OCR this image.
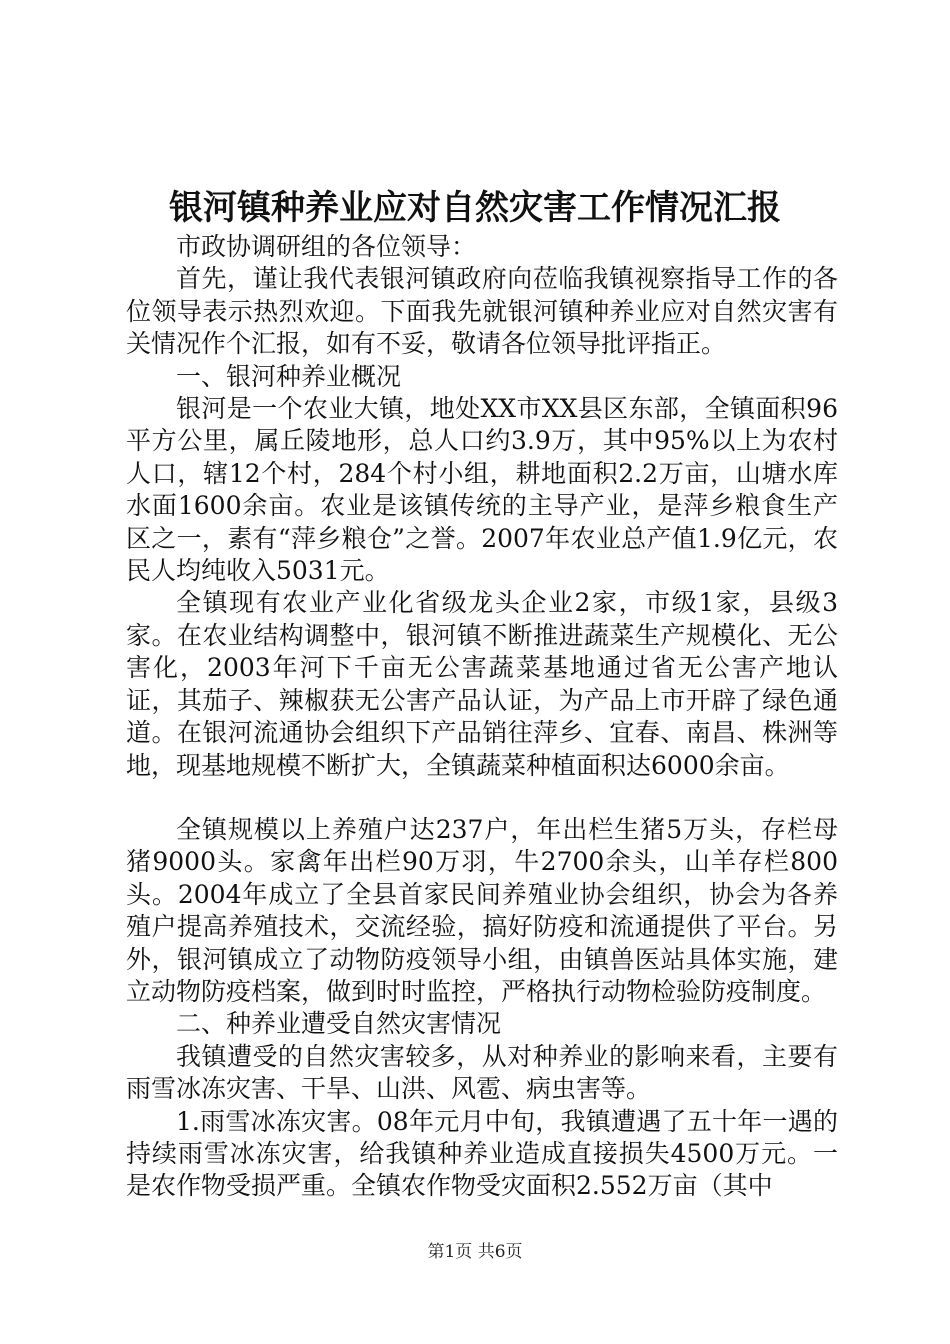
银河镇种养业应对自然灾害工作情况汇报

市政协调研组的各位领导：

首先，谨让我代表银河镇政府向莅临我镇视察指导工作的各位领导表示热烈欢迎。下面我先就银河镇种养业应对自然灾害有关情况作个汇报，如有不妥，敬请各位领导批评指正。

一、银河种养业概况

银河是一个农业大镇，地处XX市XX县区东部，全镇面积96平方公里，属丘陵地形，总人口约3.9万，其中95%以上为农村人口，辖12个村，284个村小组，耕地面积2.2万亩，山塘水库水面1600余亩。农业是该镇传统的主导产业，是萍乡粮食生产区之一，素有“萍乡粮仓”之誉。2007年农业总产值1.9亿元，农民人均纯收入5031元。

全镇现有农业产业化省级龙头企业2家，市级1家，县级3家。在农业结构调整中，银河镇不断推进蔬菜生产规模化、无公害化，2003年河下千亩无公害蔬菜基地通过省无公害产地认证，其茄子、辣椒获无公害产品认证，为产品上市开辟了绿色通道。在银河流通协会组织下产品销往萍乡、宜春、南昌、株洲等地，现基地规模不断扩大，全镇蔬菜种植面积达6000余亩。

全镇规模以上养殖户达237户，年出栏生猪5万头，存栏母猪9000头。家禽年出栏90万羽，牛2700余头，山羊存栏800头。2004年成立了全县首家民间养殖业协会组织，协会为各养殖户提高养殖技术，交流经验，搞好防疫和流通提供了平台。另外，银河镇成立了动物防疫领导小组，由镇兽医站具体实施，建立动物防疫档案，做到时时监控，严格执行动物检验防疫制度。

二、种养业遭受自然灾害情况

我镇遭受的自然灾害较多，从对种养业的影响来看，主要有雨雪冰冻灾害、干旱、山洪、风雹、病虫害等。

1.雨雪冰冻灾害。08年元月中旬，我镇遭遇了五十年一遇的持续雨雪冰冻灾害，给我镇种养业造成直接损失4500万元。一是农作物受损严重。全镇农作物受灾面积2.552万亩（其中

第1页 共6页
